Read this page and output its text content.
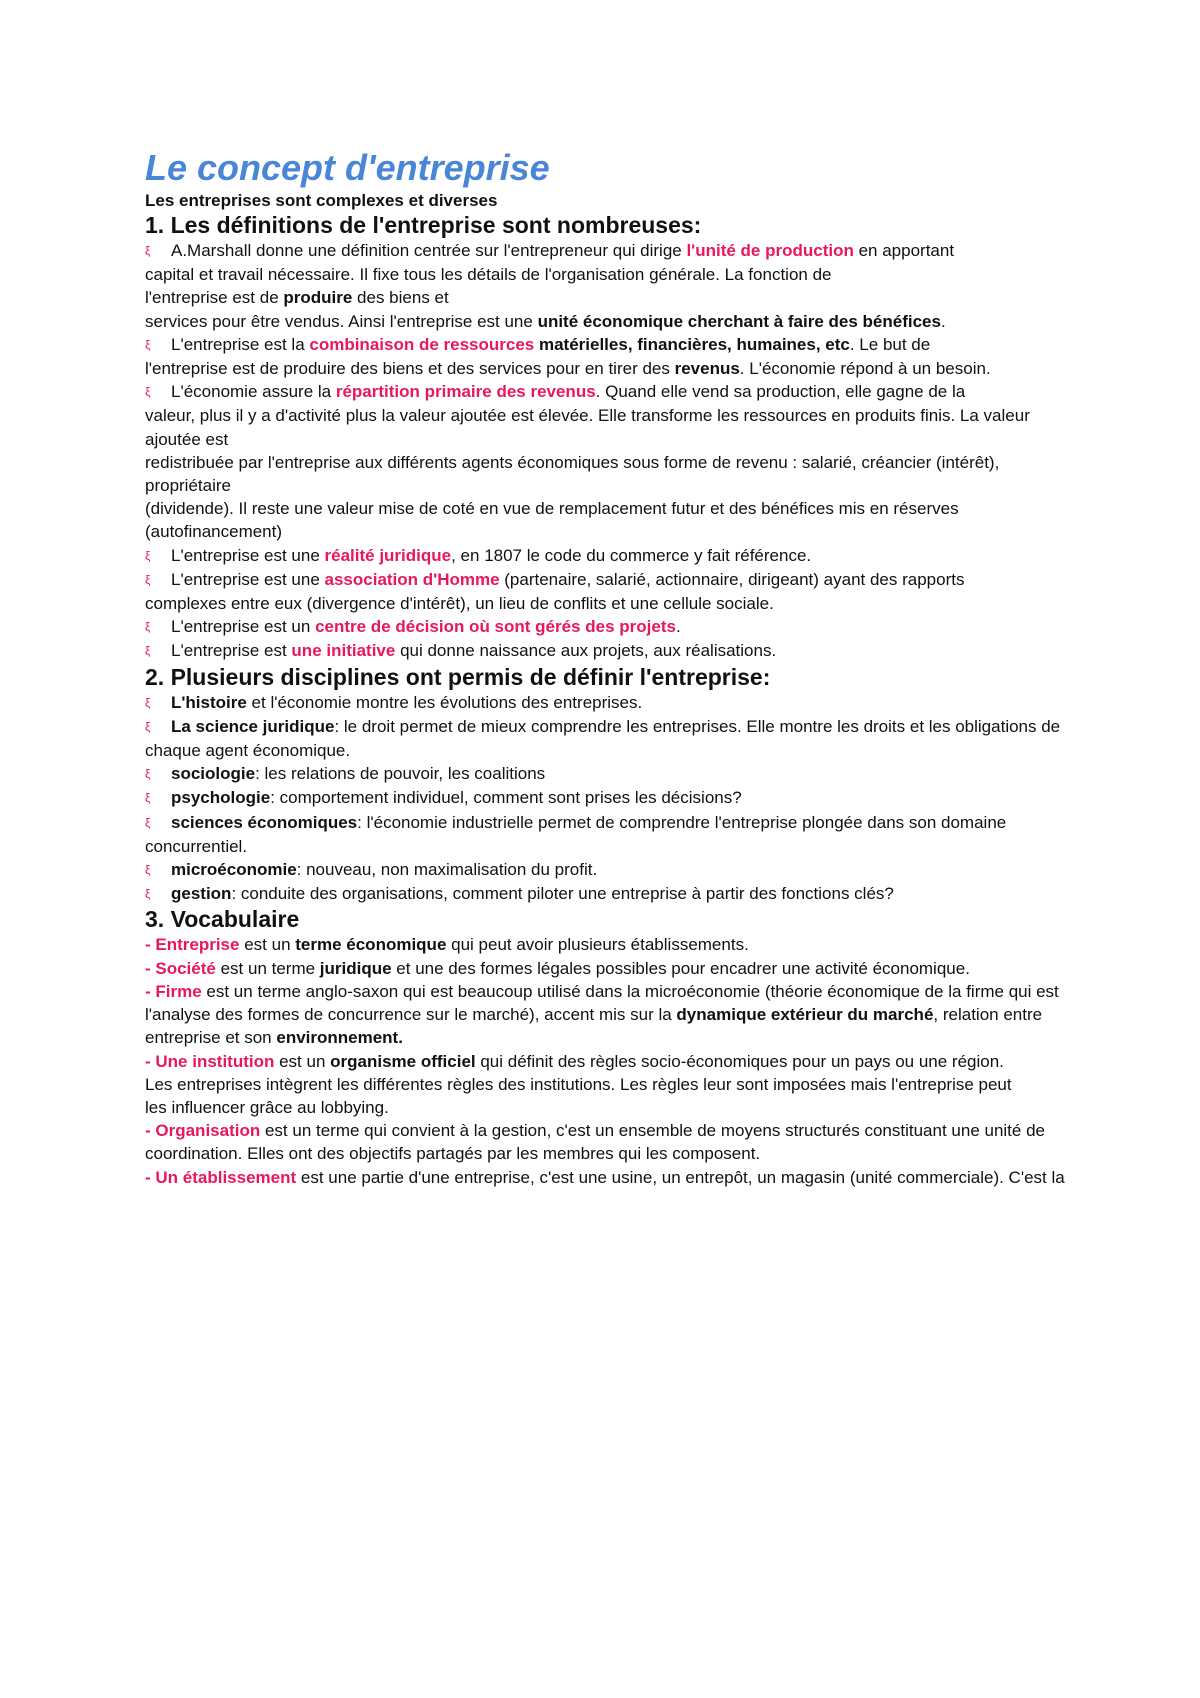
Le concept d'entreprise

Les entreprises sont complexes et diverses

1. Les définitions de l'entreprise sont nombreuses:

ξ A.Marshall donne une définition centrée sur l'entrepreneur qui dirige l'unité de production en apportant

capital et travail nécessaire. Il fixe tous les détails de l'organisation générale. La fonction de

l'entreprise est de produire des biens et

services pour être vendus. Ainsi l'entreprise est une unité économique cherchant à faire des bénéfices.

ξ L'entreprise est la combinaison de ressources matérielles, financières, humaines, etc. Le but de

l'entreprise est de produire des biens et des services pour en tirer des revenus. L'économie répond à un besoin.

ξ L'économie assure la répartition primaire des revenus. Quand elle vend sa production, elle gagne de la

valeur, plus il y a d'activité plus la valeur ajoutée est élevée. Elle transforme les ressources en produits finis. La valeur ajoutée est

redistribuée par l'entreprise aux différents agents économiques sous forme de revenu : salarié, créancier (intérêt), propriétaire

(dividende). Il reste une valeur mise de coté en vue de remplacement futur et des bénéfices mis en réserves (autofinancement)

ξ L'entreprise est une réalité juridique, en 1807 le code du commerce y fait référence.

ξ L'entreprise est une association d'Homme (partenaire, salarié, actionnaire, dirigeant) ayant des rapports

complexes entre eux (divergence d'intérêt), un lieu de conflits et une cellule sociale.

ξ L'entreprise est un centre de décision où sont gérés des projets.

ξ L'entreprise est une initiative qui donne naissance aux projets, aux réalisations.

2. Plusieurs disciplines ont permis de définir l'entreprise:

ξ L'histoire et l'économie montre les évolutions des entreprises.

ξ La science juridique: le droit permet de mieux comprendre les entreprises. Elle montre les droits et les obligations de

chaque agent économique.

ξ sociologie: les relations de pouvoir, les coalitions

ξ psychologie: comportement individuel, comment sont prises les décisions?

ξ sciences économiques: l'économie industrielle permet de comprendre l'entreprise plongée dans son domaine

concurrentiel.

ξ microéconomie: nouveau, non maximalisation du profit.

ξ gestion: conduite des organisations, comment piloter une entreprise à partir des fonctions clés?

3. Vocabulaire

- Entreprise est un terme économique qui peut avoir plusieurs établissements.

- Société est un terme juridique et une des formes légales possibles pour encadrer une activité économique.

- Firme est un terme anglo-saxon qui est beaucoup utilisé dans la microéconomie (théorie économique de la firme qui est

l'analyse des formes de concurrence sur le marché), accent mis sur la dynamique extérieur du marché, relation entre

entreprise et son environnement.

- Une institution est un organisme officiel qui définit des règles socio-économiques pour un pays ou une région.

Les entreprises intègrent les différentes règles des institutions. Les règles leur sont imposées mais l'entreprise peut

les influencer grâce au lobbying.

- Organisation est un terme qui convient à la gestion, c'est un ensemble de moyens structurés constituant une unité de

coordination. Elles ont des objectifs partagés par les membres qui les composent.

- Un établissement est une partie d'une entreprise, c'est une usine, un entrepôt, un magasin (unité commerciale). C'est la
